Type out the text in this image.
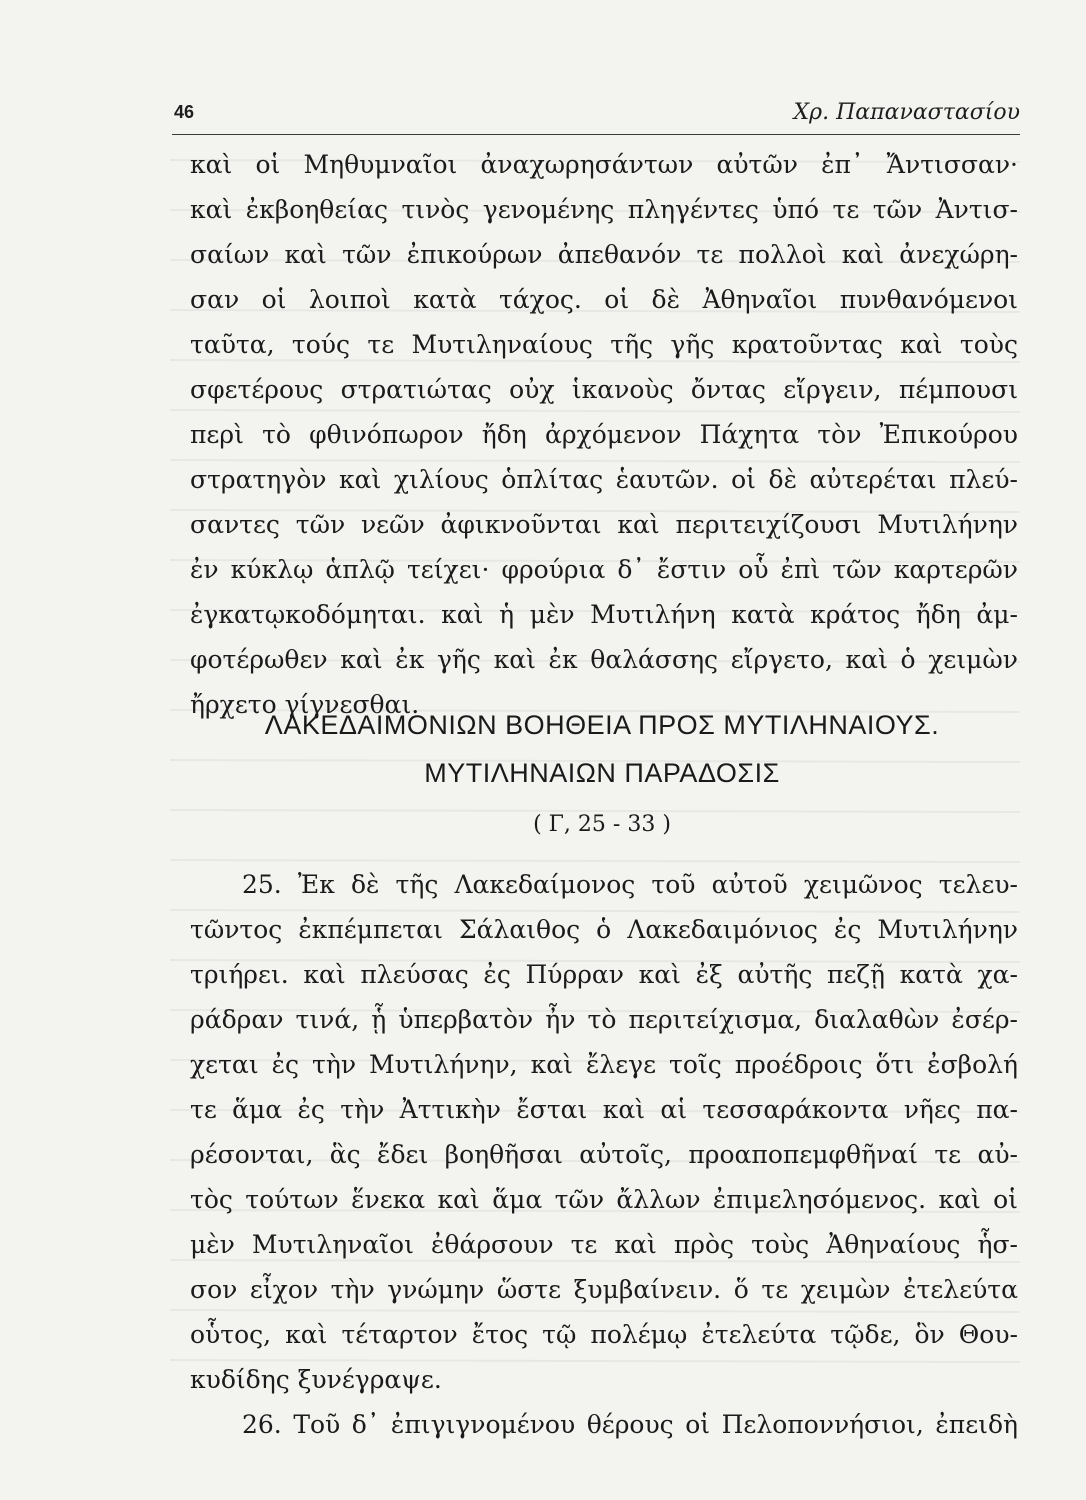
46	Χρ. Παπαναστασίου
καὶ οἱ Μηθυμναῖοι ἀναχωρησάντων αὐτῶν ἐπ᾽ Ἄντισσαν·
καὶ ἐκβοηθείας τινὸς γενομένης πληγέντες ὑπό τε τῶν Ἀντισ-
σαίων καὶ τῶν ἐπικούρων ἀπεθανόν τε πολλοὶ καὶ ἀνεχώρη-
σαν οἱ λοιποὶ κατὰ τάχος. οἱ δὲ Ἀθηναῖοι πυνθανόμενοι
ταῦτα, τούς τε Μυτιληναίους τῆς γῆς κρατοῦντας καὶ τοὺς
σφετέρους στρατιώτας οὐχ ἱκανοὺς ὄντας εἴργειν, πέμπουσι
περὶ τὸ φθινόπωρον ἤδη ἀρχόμενον Πάχητα τὸν Ἐπικούρου
στρατηγὸν καὶ χιλίους ὁπλίτας ἑαυτῶν. οἱ δὲ αὐτερέται πλεύ-
σαντες τῶν νεῶν ἀφικνοῦνται καὶ περιτειχίζουσι Μυτιλήνην
ἐν κύκλῳ ἁπλῷ τείχει· φρούρια δ᾽ ἔστιν οὗ ἐπὶ τῶν καρτερῶν
ἐγκατῳκοδόμηται. καὶ ἡ μὲν Μυτιλήνη κατὰ κράτος ἤδη ἀμ-
φοτέρωθεν καὶ ἐκ γῆς καὶ ἐκ θαλάσσης εἴργετο, καὶ ὁ χειμὼν
ἤρχετο γίγνεσθαι.
ΛΑΚΕΔΑΙΜΟΝΙΩΝ ΒΟΗΘΕΙΑ ΠΡΟΣ ΜΥΤΙΛΗΝΑΙΟΥΣ.
ΜΥΤΙΛΗΝΑΙΩΝ ΠΑΡΑΔΟΣΙΣ
( Γ, 25 - 33 )
25. Ἐκ δὲ τῆς Λακεδαίμονος τοῦ αὐτοῦ χειμῶνος τελευ-
τῶντος ἐκπέμπεται Σάλαιθος ὁ Λακεδαιμόνιος ἐς Μυτιλήνην
τριήρει. καὶ πλεύσας ἐς Πύρραν καὶ ἐξ αὐτῆς πεζῇ κατὰ χα-
ράδραν τινά, ᾗ ὑπερβατὸν ἦν τὸ περιτείχισμα, διαλαθὼν ἐσέρ-
χεται ἐς τὴν Μυτιλήνην, καὶ ἔλεγε τοῖς προέδροις ὅτι ἐσβολή
τε ἅμα ἐς τὴν Ἀττικὴν ἔσται καὶ αἱ τεσσαράκοντα νῆες πα-
ρέσονται, ἃς ἔδει βοηθῆσαι αὐτοῖς, προαποπεμφθῆναί τε αὐ-
τὸς τούτων ἕνεκα καὶ ἅμα τῶν ἄλλων ἐπιμελησόμενος. καὶ οἱ
μὲν Μυτιληναῖοι ἐθάρσουν τε καὶ πρὸς τοὺς Ἀθηναίους ἧσ-
σον εἶχον τὴν γνώμην ὥστε ξυμβαίνειν. ὅ τε χειμὼν ἐτελεύτα
οὗτος, καὶ τέταρτον ἔτος τῷ πολέμῳ ἐτελεύτα τῷδε, ὃν Θου-
κυδίδης ξυνέγραψε.
26. Τοῦ δ᾽ ἐπιγιγνομένου θέρους οἱ Πελοποννήσιοι, ἐπειδὴ
